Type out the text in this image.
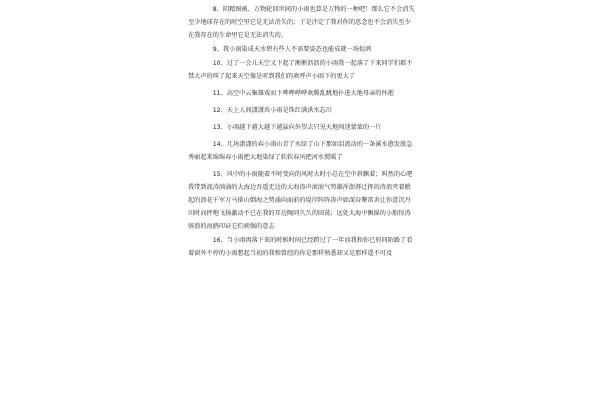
　　　　8、阴精图被、万物轮回世间的小雨也算是万物的一种吧！那么它不会消失至少地球存在的时空里它是无法消失的；于是注定了我对你的思念也不会消失至少在我存在的生命里它是无法消失的。

　　　　9、我小雨染成天水碧有些人不需要姿态也能成就一场惊鸿

　　　　10、过了一会儿天空又下起了淅淅沥沥的小雨我一起落了下来同学们都不禁大声的叫了起来天空像是听到我们的欢呼声小雨下的更大了

　　　　11、高空中云集雄戏而下哗哗哗哗欢腾乱跳地扑进大地母亲的怀抱

　　　　12、天上人间潇潇共小雨是珠红满洪水忘川

　　　　13、小雨越下越大越下越猛向外望去只见天地间迷蒙蒙的一片

　　　　14、几场潇潇的春小雨山青了水绿了山下那如泪流动的一条溪水愈发涨急秀丽起来绵绵春小雨把大地染绿了软软春风把河水熨暖了

　　　　15、风中的小雨随着不时变向的风时大时小总在空中斜飘着；叫然的心吧我带到波涛汹涌的大海边吾遥无边的大海涛声滚滚气势雄浑澎湃迁挥的涛浪夹着掀起的浪花千军万马排山倒海之势涌向面前的堤岸阵阵涛声如深谷擎雷舍让你意沉丹田时而抨咆飞扬激动不已在我的耳边陶同久久的回荡；远处大海中飘摇的小船惊涛骇浪的海鸥印证它们顽强的意志

　　　　16、当小雨再落下来的时候时间已经跨过了一年而我和你已形同陌路了看着窗外不停的小雨想起当初的我和曾经的你是那样熟悉却又是那样遥不可及
